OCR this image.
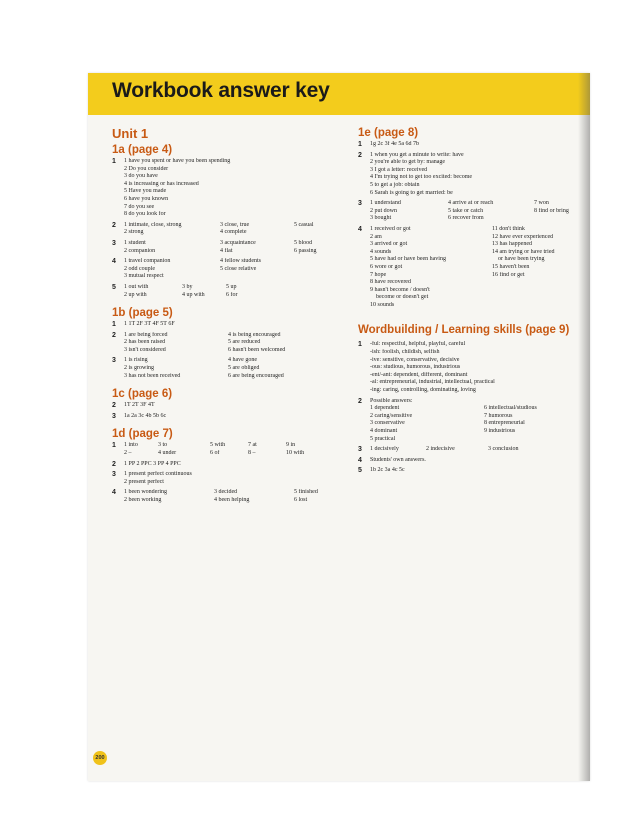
Workbook answer key
Unit 1
1a (page 4)
1 1 have you spent or have you been spending
2 Do you consider
3 do you have
4 is increasing or has increased
5 Have you made
6 have you known
7 do you see
8 do you look for
2 1 intimate, close, strong	3 close, true	5 casual
2 strong	4 complete
3 1 student	3 acquaintance	5 blood
2 companion	4 flat	6 passing
4 1 travel companion	4 fellow students
2 odd couple	5 close relative
3 mutual respect
5 1 out with	3 by	5 up
2 up with	4 up with	6 for
1b (page 5)
1 1 1T 2F 3T 4F 5T 6F
2 1 are being forced	4 is being encouraged
2 has been raised	5 are reduced
3 isn't considered	6 hasn't been welcomed
3 1 is rising	4 have gone
2 is growing	5 are obliged
3 has not been received	6 are being encouraged
1c (page 6)
2 1T 2T 3F 4T
3 1a 2a 3c 4b 5b 6c
1d (page 7)
1 1 into	3 to	5 with	7 at	9 in
2 –	4 under	6 of	8 –	10 with
2 1 PP 2 PPC 3 PP 4 PPC
3 1 present perfect continuous
2 present perfect
4 1 been wondering	3 decided	5 finished
2 been working	4 been helping	6 lost
1e (page 8)
1 1g 2c 3f 4e 5a 6d 7b
2 1 when you get a minute to write: have
2 you're able to get by: manage
3 I got a letter: received
4 I'm trying not to get too excited: become
5 to get a job: obtain
6 Sarah is going to get married: be
3 1 understand	4 arrive at or reach	7 won
2 put down	5 take or catch	8 find or bring
3 bought	6 recover from
4 1 received or got	11 don't think
2 am	12 have ever experienced
3 arrived or got	13 has happened
4 sounds	14 am trying or have tried
5 have had or have been having	or have been trying
6 wore or got	15 haven't been
7 hope	16 find or get
8 have recovered
9 hasn't become / doesn't
become or doesn't get
10 sounds
Wordbuilding / Learning skills (page 9)
1 -ful: respectful, helpful, playful, careful
-ish: foolish, childish, selfish
-ive: sensitive, conservative, decisive
-ous: studious, humorous, industrious
-ent/-ant: dependent, different, dominant
-al: entrepreneurial, industrial, intellectual, practical
-ing: caring, controlling, dominating, loving
2 Possible answers:
1 dependent	6 intellectual/studious
2 caring/sensitive	7 humorous
3 conservative	8 entrepreneurial
4 dominant	9 industrious
5 practical
3 1 decisively	2 indecisive	3 conclusion
4 Students' own answers.
5 1b 2c 3a 4c 5c
200
